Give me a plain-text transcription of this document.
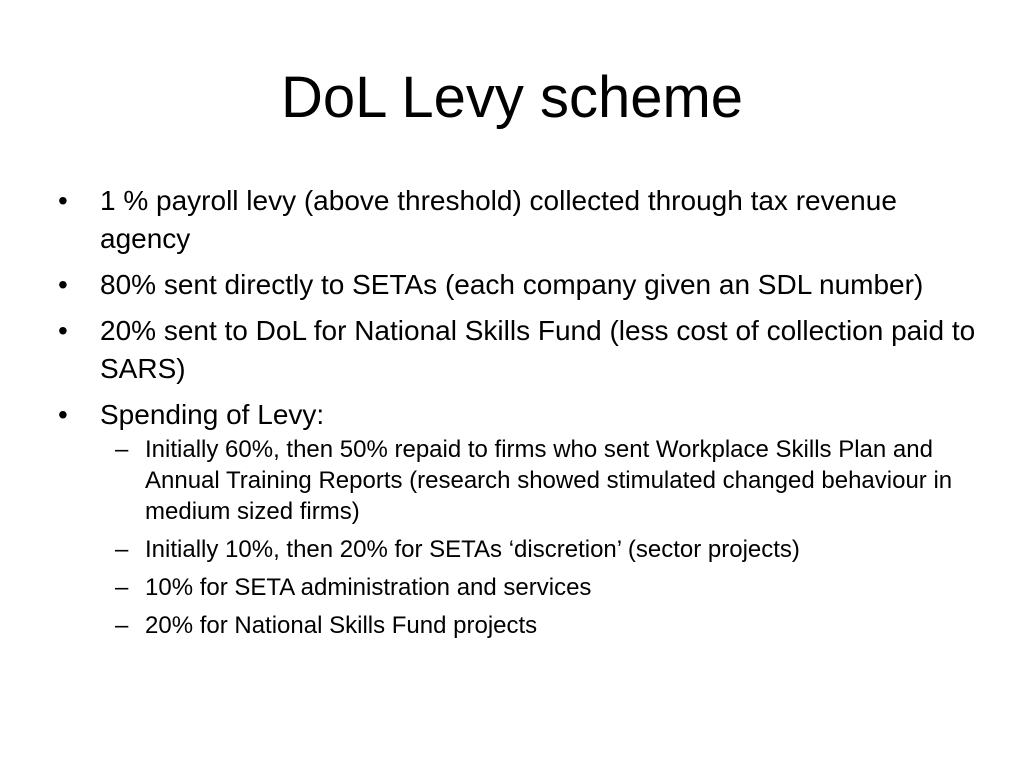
DoL Levy scheme
•	1 % payroll levy (above threshold) collected through tax revenue agency
•	80% sent directly to SETAs (each company given an SDL number)
•	20% sent to DoL for National Skills Fund (less cost of collection paid to SARS)
•	Spending of Levy:
– Initially 60%, then 50% repaid to firms who sent Workplace Skills Plan and Annual Training Reports (research showed stimulated changed behaviour in medium sized firms)
– Initially 10%, then 20% for SETAs ‘discretion’ (sector projects)
– 10% for SETA administration and services
– 20% for National Skills Fund projects
